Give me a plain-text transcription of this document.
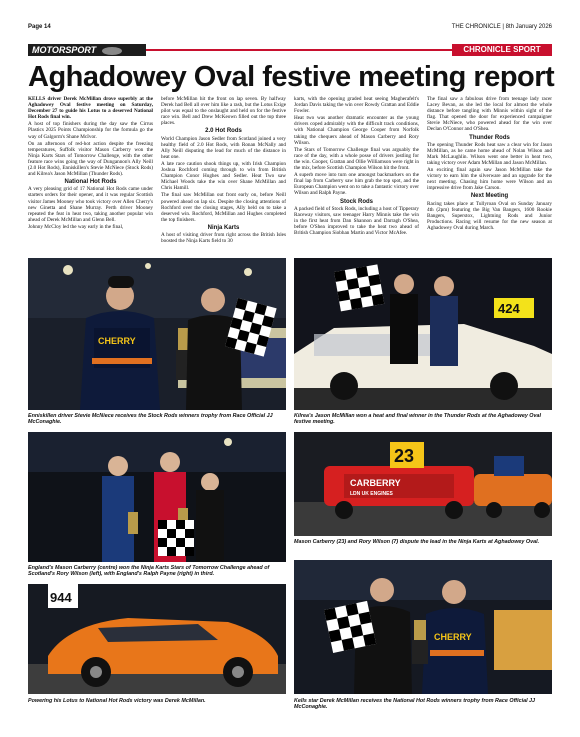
Page 14	THE CHRONICLE | 8th January 2026
MOTORSPORT	CHRONICLE SPORT
Aghadowey Oval festive meeting report

KELLS driver Derek McMillan drove superbly at the Aghadowey Oval festive meeting on Saturday, December 27 to guide his Lotus to a deserved National Hot Rods final win.

A host of top finishers during the day saw the Cirrus Plastics 2025 Points Championship for the formula go the way of Galgorm's Shane McIvor.

On an afternoon of red-hot action despite the freezing temperatures, Suffolk visitor Mason Carberry won the Ninja Karts Stars of Tomorrow Challenge, with the other feature race wins going the way of Dungannon's Ally Neill (2.0 Hot Rods), Enniskillen's Stevie McNiece (Stock Rods) and Kilrea's Jason McMillan (Thunder Rods).

National Hot Rods

A very pleasing grid of 17 National Hot Rods came under starters orders for their opener, and it was regular Scottish visitor James Mooney who took victory over Allen Cherry's new Ginetta and Shane Murray. Perth driver Mooney repeated the feat in heat two, taking another popular win ahead of Derek McMillan and Glenn Bell.

Johnny McCloy led the way early in the final,

before McMillan hit the front on lap seven. By halfway Derek had Bell all over him like a rash, but the Lotus Exige pilot was equal to the onslaught and held on for the festive race win. Bell and Drew McKeown filled out the top three places.

2.0 Hot Rods

World Champion Jason Sedler from Scotland joined a very healthy field of 2.0 Hot Rods, with Ronan McNally and Ally Neill disputing the lead for much of the distance in heat one.

A late race caution shook things up, with Irish Champion Joshua Rochford coming through to win from British Champion Conor Hughes and Sedler. Heat Two saw Michael Woods take the win over Shane McMillan and Chris Hamill.

The final saw McMillan out front early on, before Neill powered ahead on lap six. Despite the closing attentions of Rochford over the closing stages, Ally held on to take a deserved win. Rochford, McMillan and Hughes completed the top finishers.

Ninja Karts

A host of visiting driver from right across the British Isles boosted the Ninja Karts field to 30

karts, with the opening graded heat seeing Magherafelt's Jordan Davis taking the win over Rowdy Grattan and Eddie Fowler.

Heat two was another dramatic encounter as the young drivers coped admirably with the difficult track conditions, with National Champion George Cooper from Norfolk taking the chequers ahead of Mason Carberry and Rory Wilson.

The Stars of Tomorrow Challenge final was arguably the race of the day, with a whole posse of drivers jostling for the win. Cooper, Grattan and Ollie Williamson were right in the mix, before Scottish Champion Wilson hit the front.

A superb move into turn one amongst backmarkers on the final lap from Carberry saw him grab the top spot, and the European Champion went on to take a fantastic victory over Wilson and Ralph Payne.

Stock Rods

A packed field of Stock Rods, including a host of Tipperary Raceway visitors, saw teenager Harry Minnis take the win in the first heat from Dan Shannon and Darragh O'Shea, before O'Shea improved to take the heat two ahead of British Champion Siobhan Martin and Victor McAfee.

The final saw a fabulous drive from teenage lady racer Lacey Bevan, as she led the local for almost the whole distance before tangling with Minnis within sight of the flag. That opened the door for experienced campaigner Stevie McNiece, who powered ahead for the win over Declan O'Connor and O'Shea.

Thunder Rods

The opening Thunder Rods heat saw a clear win for Jason McMillan, as he came home ahead of Nolan Wilson and Mark McLaughlin. Wilson went one better in heat two, taking victory over Adam McMillan and Jason McMillan.

An exciting final again saw Jason McMillan take the victory to earn him the silverware and an upgrade for the next meeting. Chasing him home were Wilson and an impressive drive from Jake Carson.

Next Meeting

Racing takes place at Tullyroan Oval on Sunday January 4th (2pm) featuring the Big Van Bangers, 1600 Rookie Bangers, Superstox, Lightning Rods and Junior Productions. Racing will resume for the new season at Aghadowey Oval during March.

CHERRY
Enniskillen driver Stevie McNiece receives the Stock Rods winners trophy from Race Official JJ McConaghie.
424
Kilrea's Jason McMillan won a heat and final winner in the Thunder Rods at the Aghadowey Oval festive meeting.
England's Mason Carberry (centre) won the Ninja Karts Stars of Tomorrow Challenge ahead of Scotland's Rory Wilson (left), with England's Ralph Payne (right) in third.
23
CARBERRY
LDN UK ENGINES
Mason Carberry (23) and Rory Wilson (7) dispute the lead in the Ninja Karts at Aghadowey Oval.
944
Powering his Lotus to National Hot Rods victory was Derek McMillan.
CHERRY
Kells star Derek McMillan receives the National Hot Rods winners trophy from Race Official JJ McConaghie.
